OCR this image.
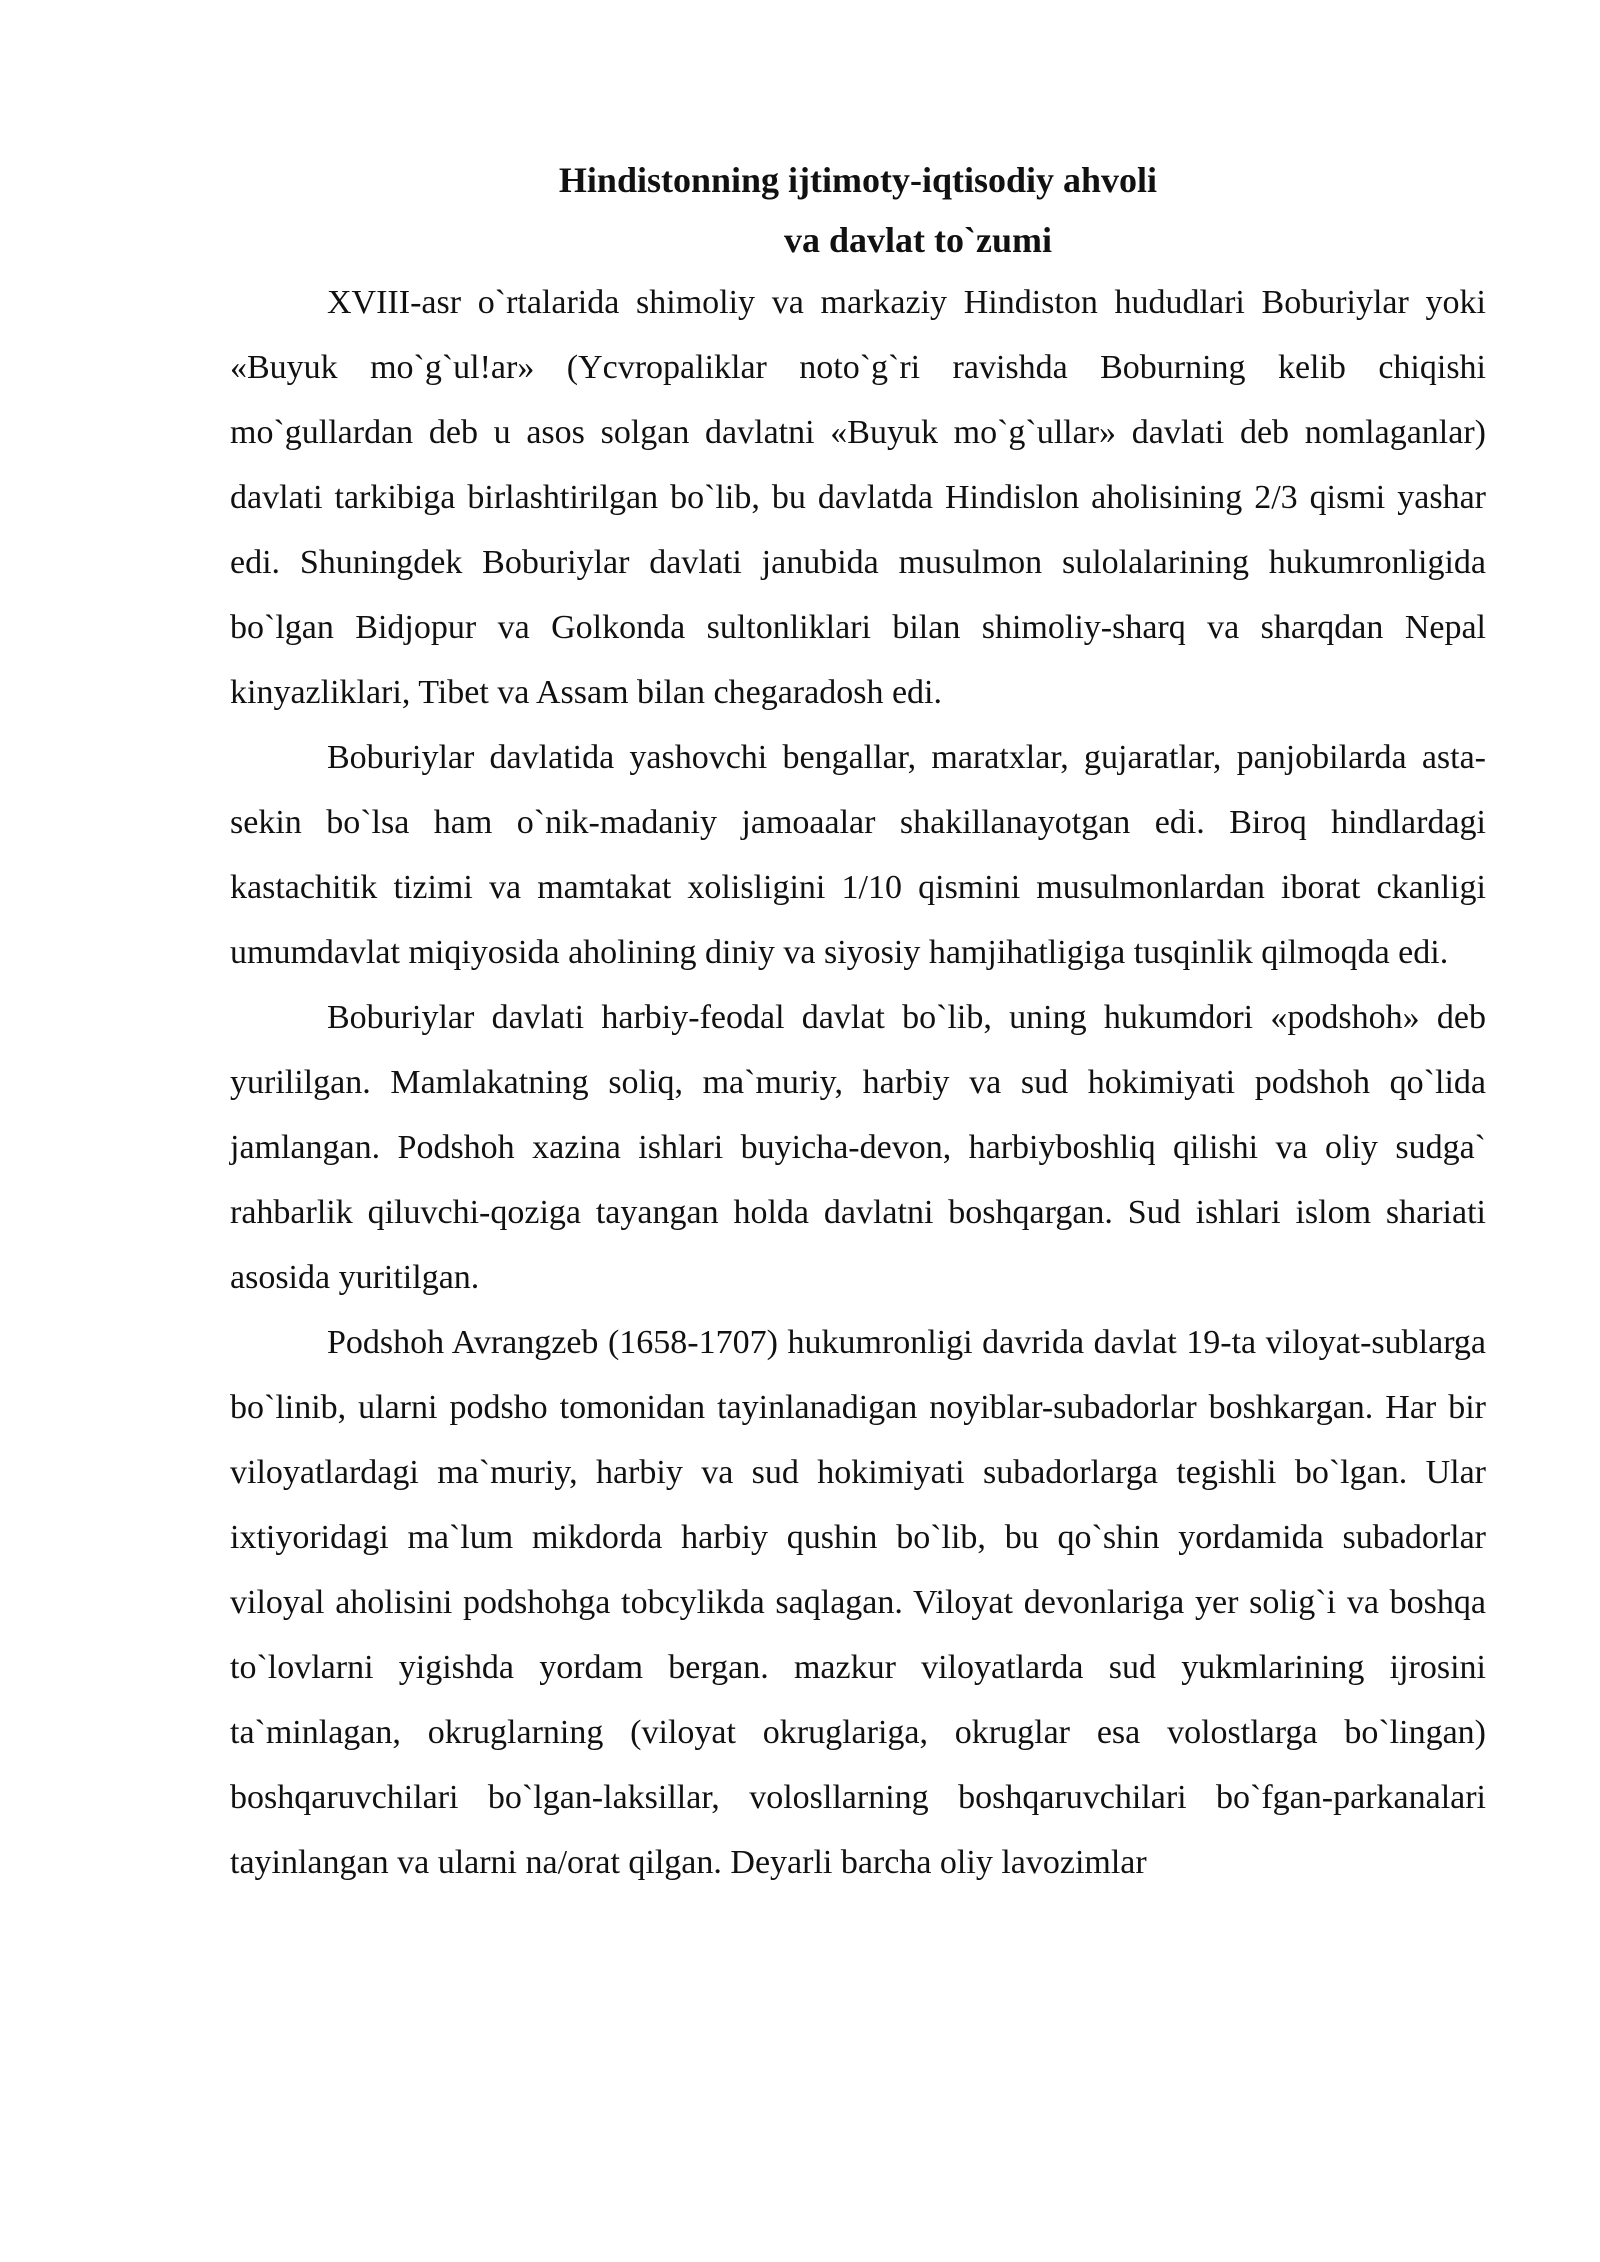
Hindistonning ijtimoty-iqtisodiy ahvoli
va davlat to`zumi

XVIII-asr o`rtalarida shimoliy va markaziy Hindiston hududlari Boburiylar yoki «Buyuk mo`g`ul!ar» (Ycvropaliklar noto`g`ri ravishda Boburning kelib chiqishi mo`gullardan deb u asos solgan davlatni «Buyuk mo`g`ullar» davlati deb nomlaganlar) davlati tarkibiga birlashtirilgan bo`lib, bu davlatda Hindislon aholisining 2/3 qismi yashar edi. Shuningdek Boburiylar davlati janubida musulmon sulolalarining hukumronligida bo`lgan Bidjopur va Golkonda sultonliklari bilan shimoliy-sharq va sharqdan Nepal kinyazliklari, Tibet va Assam bilan chegaradosh edi.

Boburiylar davlatida yashovchi bengallar, maratxlar, gujaratlar, panjobilarda asta-sekin bo`lsa ham o`nik-madaniy jamoaalar shakillanayotgan edi. Biroq hindlardagi kastachitik tizimi va mamtakat xolisligini 1/10 qismini musulmonlardan iborat ckanligi umumdavlat miqiyosida aholining diniy va siyosiy hamjihatligiga tusqinlik qilmoqda edi.

Boburiylar davlati harbiy-feodal davlat bo`lib, uning hukumdori «podshoh» deb yurililgan. Mamlakatning soliq, ma`muriy, harbiy va sud hokimiyati podshoh qo`lida jamlangan. Podshoh xazina ishlari buyicha-devon, harbiyboshliq qilishi va oliy sudga` rahbarlik qiluvchi-qoziga tayangan holda davlatni boshqargan. Sud ishlari islom shariati asosida yuritilgan.

Podshoh Avrangzeb (1658-1707) hukumronligi davrida davlat 19-ta viloyat-sublarga bo`linib, ularni podsho tomonidan tayinlanadigan noyiblar-subadorlar boshkargan. Har bir viloyatlardagi ma`muriy, harbiy va sud hokimiyati subadorlarga tegishli bo`lgan. Ular ixtiyoridagi ma`lum mikdorda harbiy qushin bo`lib, bu qo`shin yordamida subadorlar viloyal aholisini podshohga tobcylikda saqlagan. Viloyat devonlariga yer solig`i va boshqa to`lovlarni yigishda yordam bergan. mazkur viloyatlarda sud yukmlarining ijrosini ta`minlagan, okruglarning (viloyat okruglariga, okruglar esa volostlarga bo`lingan) boshqaruvchilari bo`lgan-laksillar, volosllarning boshqaruvchilari bo`fgan-parkanalari tayinlangan va ularni na/orat qilgan. Deyarli barcha oliy lavozimlar
